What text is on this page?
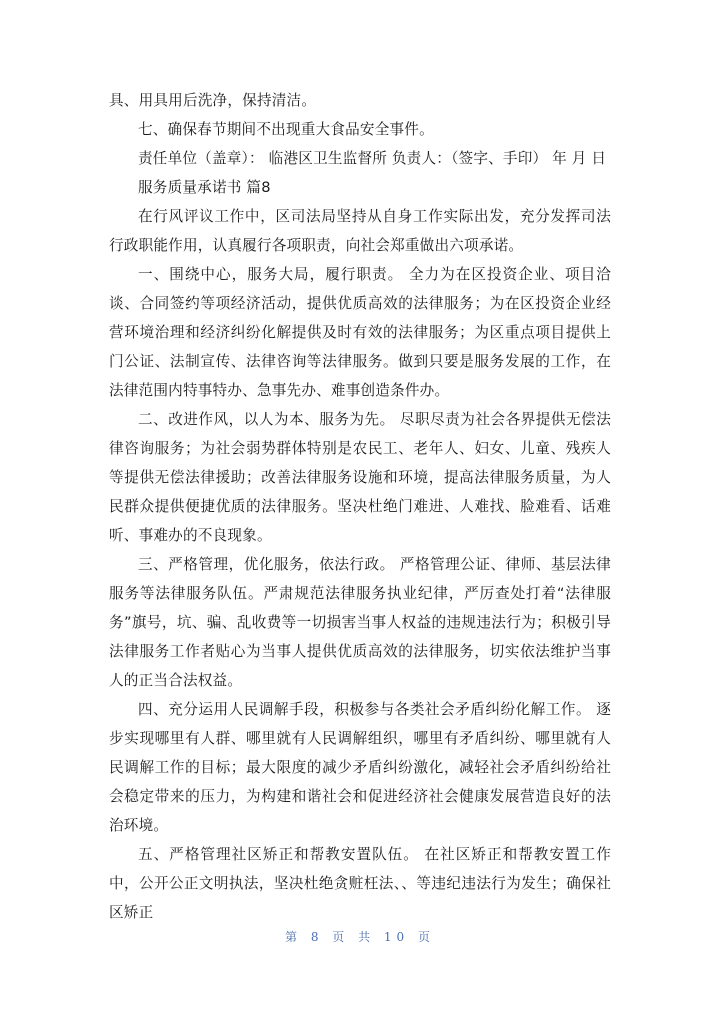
具、用具用后洗净，保持清洁。

七、确保春节期间不出现重大食品安全事件。

责任单位（盖章）： 临港区卫生监督所 负责人：（签字、手印） 年 月 日

服务质量承诺书 篇8

在行风评议工作中，区司法局坚持从自身工作实际出发，充分发挥司法行政职能作用，认真履行各项职责，向社会郑重做出六项承诺。

一、围绕中心，服务大局，履行职责。 全力为在区投资企业、项目洽谈、合同签约等项经济活动，提供优质高效的法律服务；为在区投资企业经营环境治理和经济纠纷化解提供及时有效的法律服务；为区重点项目提供上门公证、法制宣传、法律咨询等法律服务。做到只要是服务发展的工作，在法律范围内特事特办、急事先办、难事创造条件办。

二、改进作风，以人为本、服务为先。 尽职尽责为社会各界提供无偿法律咨询服务；为社会弱势群体特别是农民工、老年人、妇女、儿童、残疾人等提供无偿法律援助；改善法律服务设施和环境，提高法律服务质量，为人民群众提供便捷优质的法律服务。坚决杜绝门难进、人难找、脸难看、话难听、事难办的不良现象。

三、严格管理，优化服务，依法行政。 严格管理公证、律师、基层法律服务等法律服务队伍。严肃规范法律服务执业纪律，严厉查处打着“法律服务”旗号，坑、骗、乱收费等一切损害当事人权益的违规违法行为；积极引导法律服务工作者贴心为当事人提供优质高效的法律服务，切实依法维护当事人的正当合法权益。

四、充分运用人民调解手段，积极参与各类社会矛盾纠纷化解工作。 逐步实现哪里有人群、哪里就有人民调解组织，哪里有矛盾纠纷、哪里就有人民调解工作的目标；最大限度的减少矛盾纠纷激化，减轻社会矛盾纠纷给社会稳定带来的压力，为构建和谐社会和促进经济社会健康发展营造良好的法治环境。

五、严格管理社区矫正和帮教安置队伍。 在社区矫正和帮教安置工作中，公开公正文明执法，坚决杜绝贪赃枉法、、等违纪违法行为发生；确保社区矫正

第 8 页 共 10 页
